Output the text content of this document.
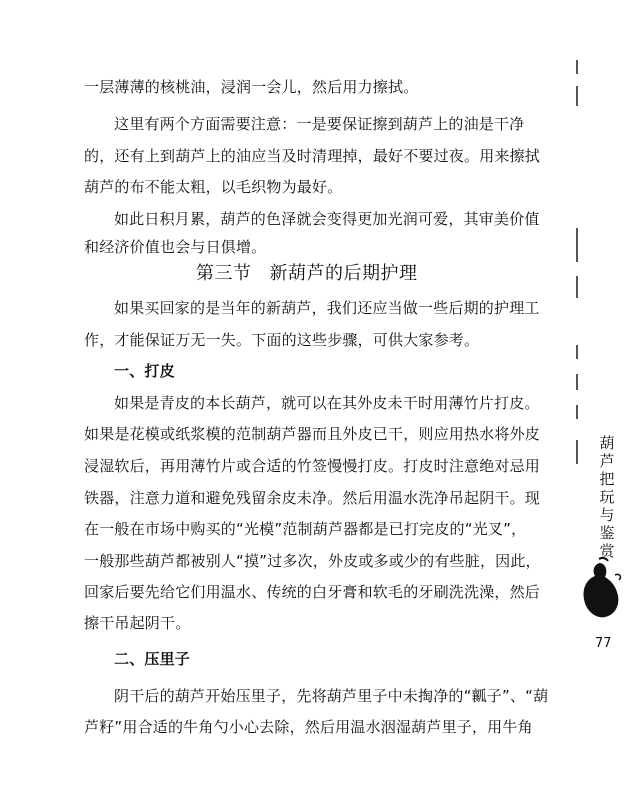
一层薄薄的核桃油，浸润一会儿，然后用力擦拭。
这里有两个方面需要注意：一是要保证擦到葫芦上的油是干净
的，还有上到葫芦上的油应当及时清理掉，最好不要过夜。用来擦拭
葫芦的布不能太粗，以毛织物为最好。
如此日积月累，葫芦的色泽就会变得更加光润可爱，其审美价值
和经济价值也会与日俱增。
第三节 新葫芦的后期护理
如果买回家的是当年的新葫芦，我们还应当做一些后期的护理工
作，才能保证万无一失。下面的这些步骤，可供大家参考。
一、打皮
如果是青皮的本长葫芦，就可以在其外皮未干时用薄竹片打皮。
如果是花模或纸浆模的范制葫芦器而且外皮已干，则应用热水将外皮
浸湿软后，再用薄竹片或合适的竹签慢慢打皮。打皮时注意绝对忌用
铁器，注意力道和避免残留余皮未净。然后用温水洗净吊起阴干。现
在一般在市场中购买的“光模”范制葫芦器都是已打完皮的“光叉”，
一般那些葫芦都被别人“摸”过多次，外皮或多或少的有些脏，因此，
回家后要先给它们用温水、传统的白牙膏和软毛的牙刷洗洗澡，然后
擦干吊起阴干。
二、压里子
阴干后的葫芦开始压里子，先将葫芦里子中未掏净的“瓤子”、“葫
芦籽”用合适的牛角勺小心去除，然后用温水洇湿葫芦里子，用牛角
葫
芦
把
玩
与
鉴
赏
77
